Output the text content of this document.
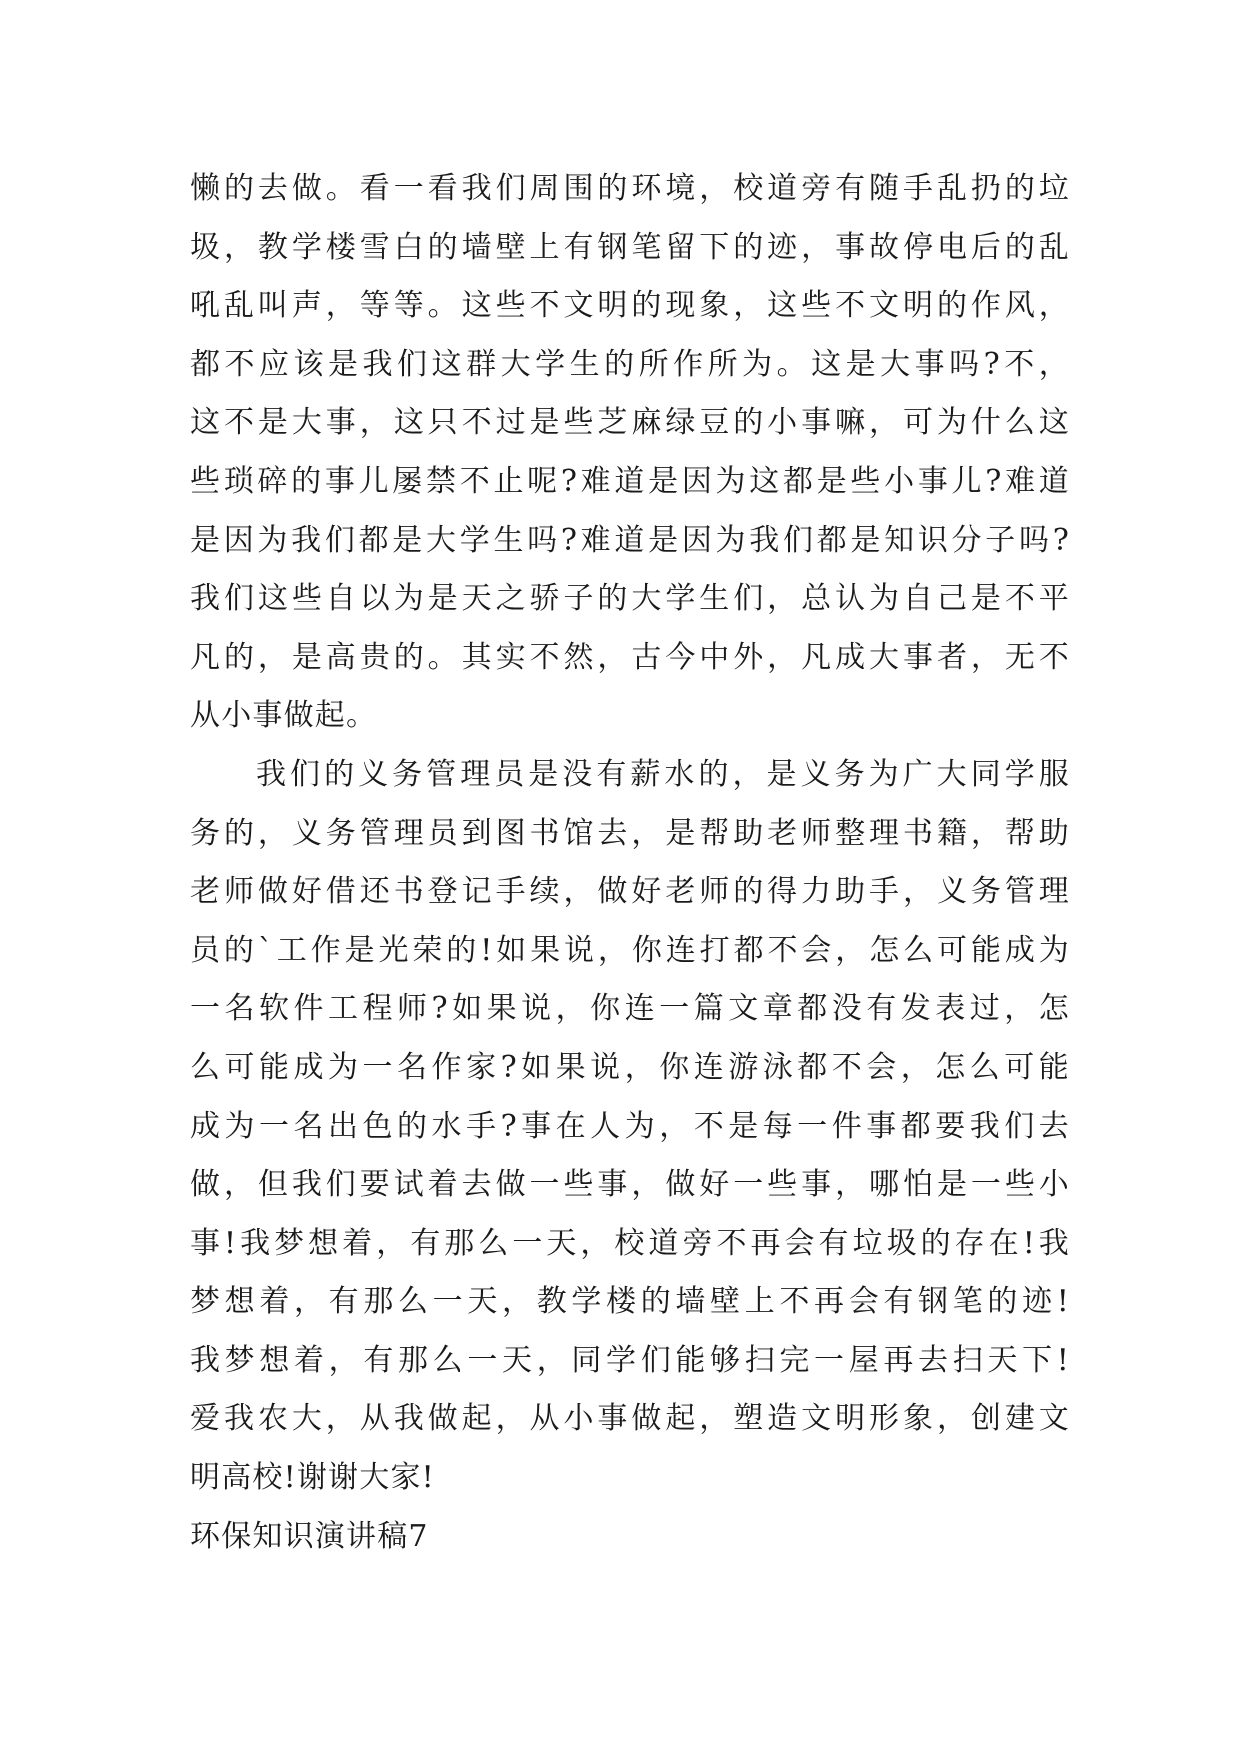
懒的去做。看一看我们周围的环境，校道旁有随手乱扔的垃
圾，教学楼雪白的墙壁上有钢笔留下的迹，事故停电后的乱
吼乱叫声，等等。这些不文明的现象，这些不文明的作风，
都不应该是我们这群大学生的所作所为。这是大事吗?不，
这不是大事，这只不过是些芝麻绿豆的小事嘛，可为什么这
些琐碎的事儿屡禁不止呢?难道是因为这都是些小事儿?难道
是因为我们都是大学生吗?难道是因为我们都是知识分子吗?
我们这些自以为是天之骄子的大学生们，总认为自己是不平
凡的，是高贵的。其实不然，古今中外，凡成大事者，无不
从小事做起。
我们的义务管理员是没有薪水的，是义务为广大同学服
务的，义务管理员到图书馆去，是帮助老师整理书籍，帮助
老师做好借还书登记手续，做好老师的得力助手，义务管理
员的`工作是光荣的!如果说，你连打都不会，怎么可能成为
一名软件工程师?如果说，你连一篇文章都没有发表过，怎
么可能成为一名作家?如果说，你连游泳都不会，怎么可能
成为一名出色的水手?事在人为，不是每一件事都要我们去
做，但我们要试着去做一些事，做好一些事，哪怕是一些小
事!我梦想着，有那么一天，校道旁不再会有垃圾的存在!我
梦想着，有那么一天，教学楼的墙壁上不再会有钢笔的迹!
我梦想着，有那么一天，同学们能够扫完一屋再去扫天下!
爱我农大，从我做起，从小事做起，塑造文明形象，创建文
明高校!谢谢大家!
环保知识演讲稿7
